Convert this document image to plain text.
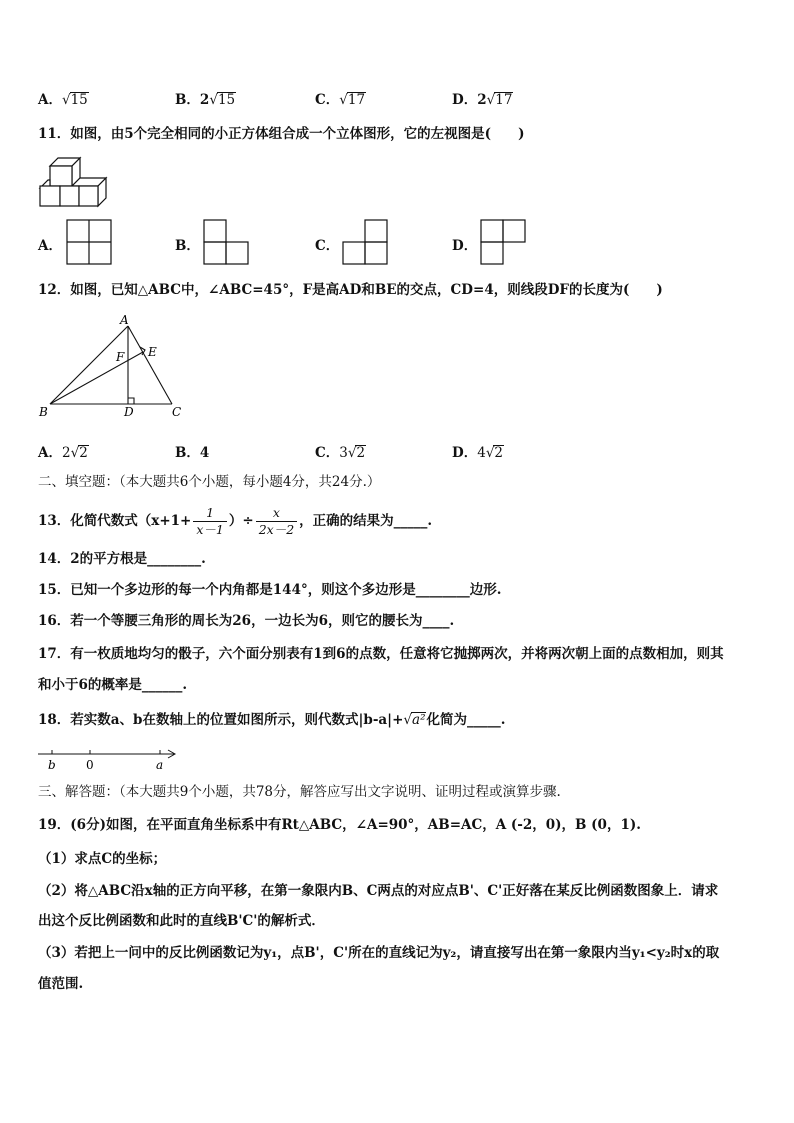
A．√15	B．2√15	C．√17	D．2√17
11．如图，由5个完全相同的小正方体组合成一个立体图形，它的左视图是(　　)
A．	B．	C．	D．
12．如图，已知△ABC中，∠ABC=45°，F是高AD和BE的交点，CD=4，则线段DF的长度为(　　)
A
B	D	C
E
F
A．2√2	B．4	C．3√2	D．4√2
二、填空题：（本大题共6个小题，每小题4分，共24分.）
13．化简代数式（$x+1+ \frac{1}{x-1}$ ）÷ $\frac{x}{2x-2}$ ，正确的结果为_____.
14．2的平方根是________.
15．已知一个多边形的每一个内角都是144°，则这个多边形是________边形.
16．若一个等腰三角形的周长为26，一边长为6，则它的腰长为____.
17．有一枚质地均匀的骰子，六个面分别表有1到6的点数，任意将它抛掷两次，并将两次朝上面的点数相加，则其
和小于6的概率是______.
18．若实数a、b在数轴上的位置如图所示，则代数式|b-a|+√a²化简为_____.
b	0	a
三、解答题：（本大题共9个小题，共78分，解答应写出文字说明、证明过程或演算步骤.
19．(6分)如图，在平面直角坐标系中有Rt△ABC，∠A=90°，AB=AC，A (-2，0)，B (0，1).
（1）求点C的坐标；
（2）将△ABC沿x轴的正方向平移，在第一象限内B、C两点的对应点B'、C'正好落在某反比例函数图象上．请求
出这个反比例函数和此时的直线B'C'的解析式．
（3）若把上一问中的反比例函数记为y₁，点B'，C'所在的直线记为y₂，请直接写出在第一象限内当y₁<y₂时x的取
值范围.
